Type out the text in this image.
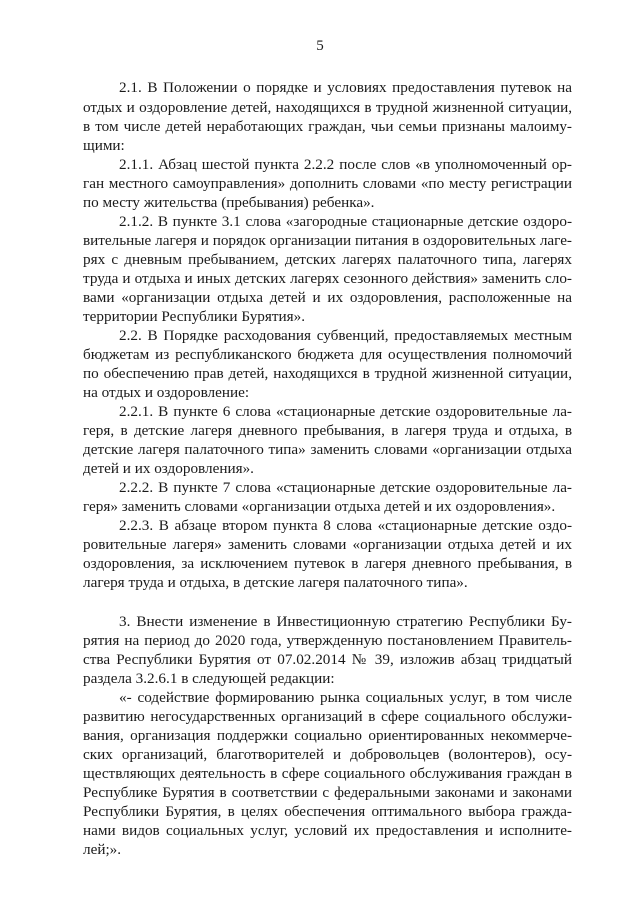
5
2.1. В Положении о порядке и условиях предоставления путевок на
отдых и оздоровление детей, находящихся в трудной жизненной ситуации,
в том числе детей неработающих граждан, чьи семьи признаны малоиму-
щими:
2.1.1. Абзац шестой пункта 2.2.2 после слов «в уполномоченный ор-
ган местного самоуправления» дополнить словами «по месту регистрации
по месту жительства (пребывания) ребенка».
2.1.2. В пункте 3.1 слова «загородные стационарные детские оздоро-
вительные лагеря и порядок организации питания в оздоровительных лаге-
рях с дневным пребыванием, детских лагерях палаточного типа, лагерях
труда и отдыха и иных детских лагерях сезонного действия» заменить сло-
вами «организации отдыха детей и их оздоровления, расположенные на
территории Республики Бурятия».
2.2. В Порядке расходования субвенций, предоставляемых местным
бюджетам из республиканского бюджета для осуществления полномочий
по обеспечению прав детей, находящихся в трудной жизненной ситуации,
на отдых и оздоровление:
2.2.1. В пункте 6 слова «стационарные детские оздоровительные ла-
геря, в детские лагеря дневного пребывания, в лагеря труда и отдыха, в
детские лагеря палаточного типа» заменить словами «организации отдыха
детей и их оздоровления».
2.2.2. В пункте 7 слова «стационарные детские оздоровительные ла-
геря» заменить словами «организации отдыха детей и их оздоровления».
2.2.3. В абзаце втором пункта 8 слова «стационарные детские оздо-
ровительные лагеря» заменить словами «организации отдыха детей и их
оздоровления, за исключением путевок в лагеря дневного пребывания, в
лагеря труда и отдыха, в детские лагеря палаточного типа».
3. Внести изменение в Инвестиционную стратегию Республики Бу-
рятия на период до 2020 года, утвержденную постановлением Правитель-
ства Республики Бурятия от 07.02.2014 № 39, изложив абзац тридцатый
раздела 3.2.6.1 в следующей редакции:
«- содействие формированию рынка социальных услуг, в том числе
развитию негосударственных организаций в сфере социального обслужи-
вания, организация поддержки социально ориентированных некоммерче-
ских организаций, благотворителей и добровольцев (волонтеров), осу-
ществляющих деятельность в сфере социального обслуживания граждан в
Республике Бурятия в соответствии с федеральными законами и законами
Республики Бурятия, в целях обеспечения оптимального выбора гражда-
нами видов социальных услуг, условий их предоставления и исполните-
лей;».
